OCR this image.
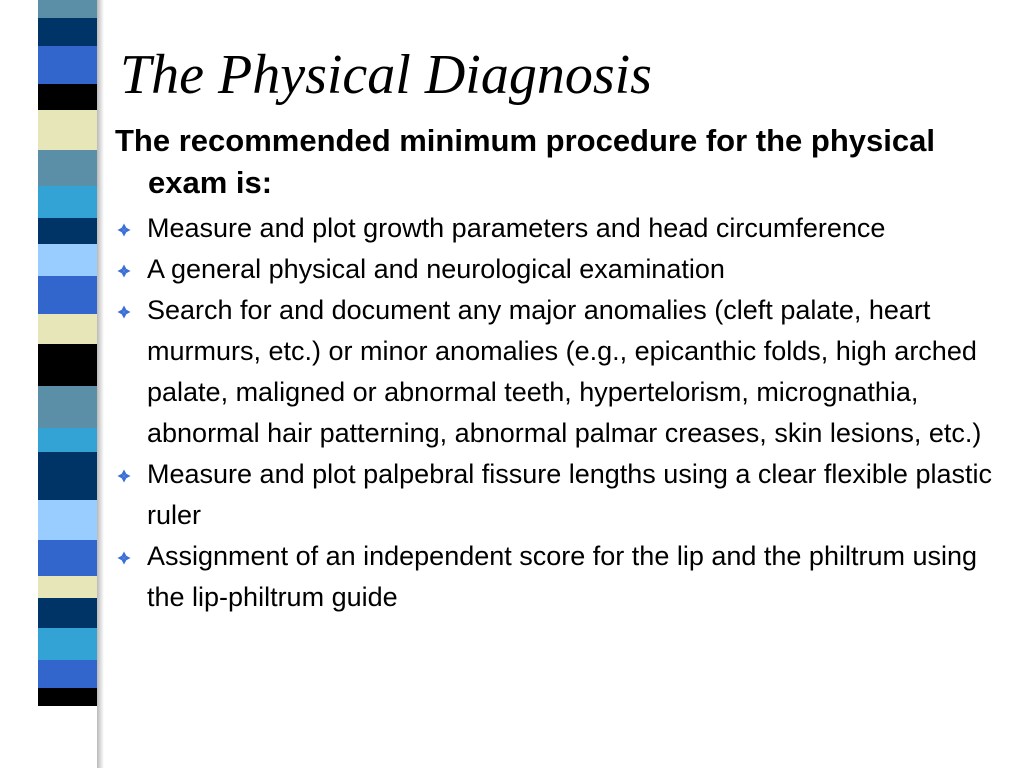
The Physical Diagnosis

The recommended minimum procedure for the physical exam is:

Measure and plot growth parameters and head circumference
A general physical and neurological examination
Search for and document any major anomalies (cleft palate, heart murmurs, etc.) or minor anomalies (e.g., epicanthic folds, high arched palate, maligned or abnormal teeth, hypertelorism, micrognathia, abnormal hair patterning, abnormal palmar creases, skin lesions, etc.)
Measure and plot palpebral fissure lengths using a clear flexible plastic ruler
Assignment of an independent score for the lip and the philtrum using the lip-philtrum guide
